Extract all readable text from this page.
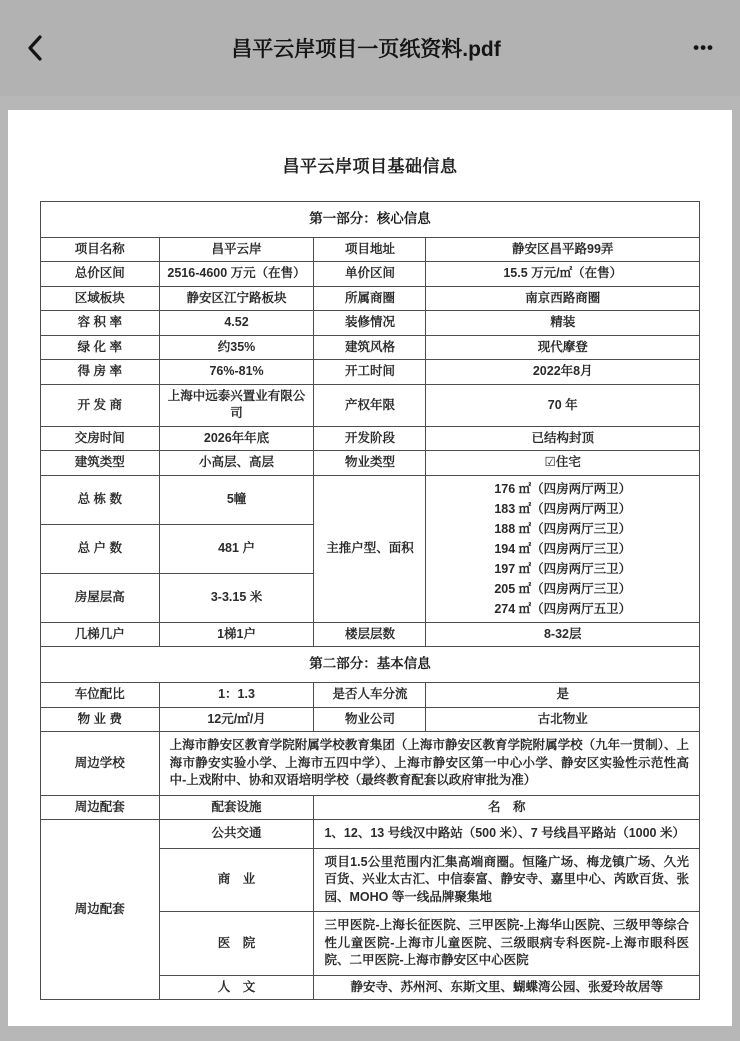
昌平云岸项目一页纸资料.pdf	•••
昌平云岸项目基础信息
第一部分：核心信息			
项目名称	昌平云岸	项目地址	静安区昌平路99弄
总价区间	2516-4600 万元（在售）	单价区间	15.5 万元/㎡（在售）
区域板块	静安区江宁路板块	所属商圈	南京西路商圈
容 积 率	4.52	装修情况	精装
绿 化 率	约35%	建筑风格	现代摩登
得 房 率	76%-81%	开工时间	2022年8月
开 发 商	上海中远泰兴置业有限公司	产权年限	70 年
交房时间	2026年年底	开发阶段	已结构封顶
建筑类型	小高层、高层	物业类型	☑住宅
总 栋 数	5幢	主推户型、面积	
176 ㎡（四房两厅两卫）
183 ㎡（四房两厅两卫）
188 ㎡（四房两厅三卫）
194 ㎡（四房两厅三卫）
197 ㎡（四房两厅三卫）
205 ㎡（四房两厅三卫）
274 ㎡（四房两厅五卫）

总 户 数	481 户		
房屋层高	3-3.15 米		
几梯几户	1梯1户	楼层层数	8-32层
第二部分：基本信息			
车位配比	1：1.3	是否人车分流	是
物 业 费	12元/㎡/月	物业公司	古北物业
周边学校	上海市静安区教育学院附属学校教育集团（上海市静安区教育学院附属学校（九年一贯制）、上海市静安实验小学、上海市五四中学）、上海市静安区第一中心小学、静安区实验性示范性高中-上戏附中、协和双语培明学校（最终教育配套以政府审批为准）		
周边配套	配套设施	名　称	
周边配套	公共交通	1、12、13 号线汉中路站（500 米）、7 号线昌平路站（1000 米）	
	商　业	项目1.5公里范围内汇集高端商圈。恒隆广场、梅龙镇广场、久光百货、兴业太古汇、中信泰富、静安寺、嘉里中心、芮欧百货、张园、MOHO 等一线品牌聚集地	
	医　院	三甲医院-上海长征医院、三甲医院-上海华山医院、三级甲等综合性儿童医院-上海市儿童医院、三级眼病专科医院-上海市眼科医院、二甲医院-上海市静安区中心医院	
	人　文	静安寺、苏州河、东斯文里、蝴蝶湾公园、张爱玲故居等	
